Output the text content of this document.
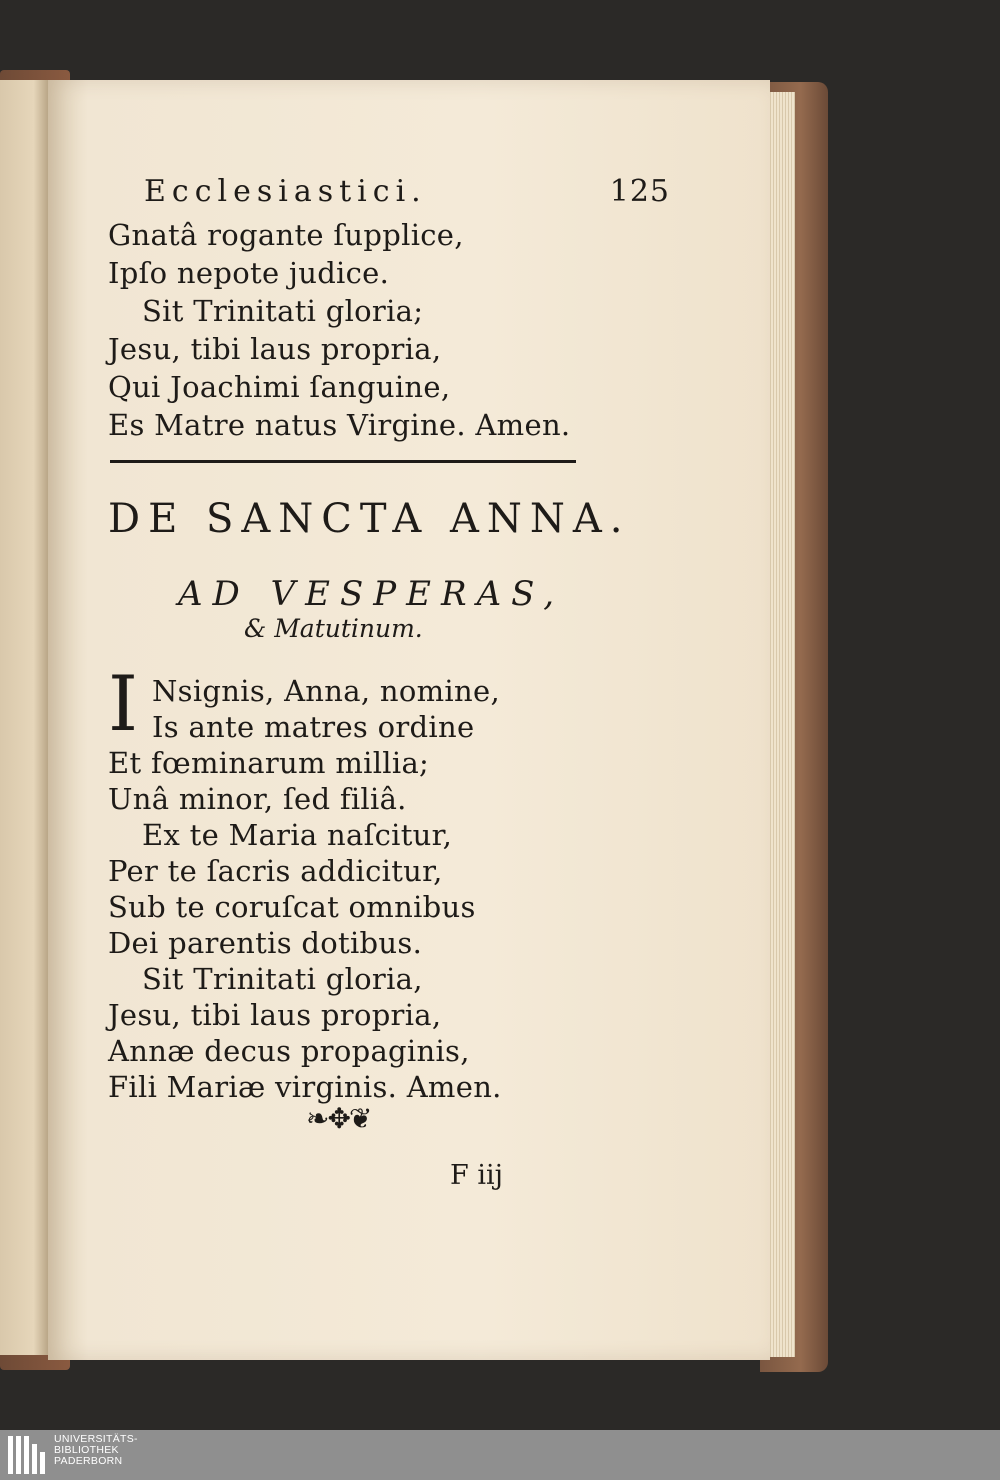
Ecclesiastici.	125
Gnatâ rogante ſupplice,
Ipſo nepote judice.
Sit Trinitati gloria;
Jesu, tibi laus propria,
Qui Joachimi ſanguine,
Es Matre natus Virgine. Amen.
DE SANCTA ANNA.
AD VESPERAS,
& Matutinum.
I Nsignis, Anna, nomine,
Is ante matres ordine
Et fœminarum millia;
Unâ minor, ſed filiâ.
Ex te Maria naſcitur,
Per te ſacris addicitur,
Sub te coruſcat omnibus
Dei parentis dotibus.
Sit Trinitati gloria,
Jesu, tibi laus propria,
Annæ decus propaginis,
Fili Mariæ virginis. Amen.
❧✥❦
F iij
UNIVERSITÄTS-
BIBLIOTHEK
PADERBORN
